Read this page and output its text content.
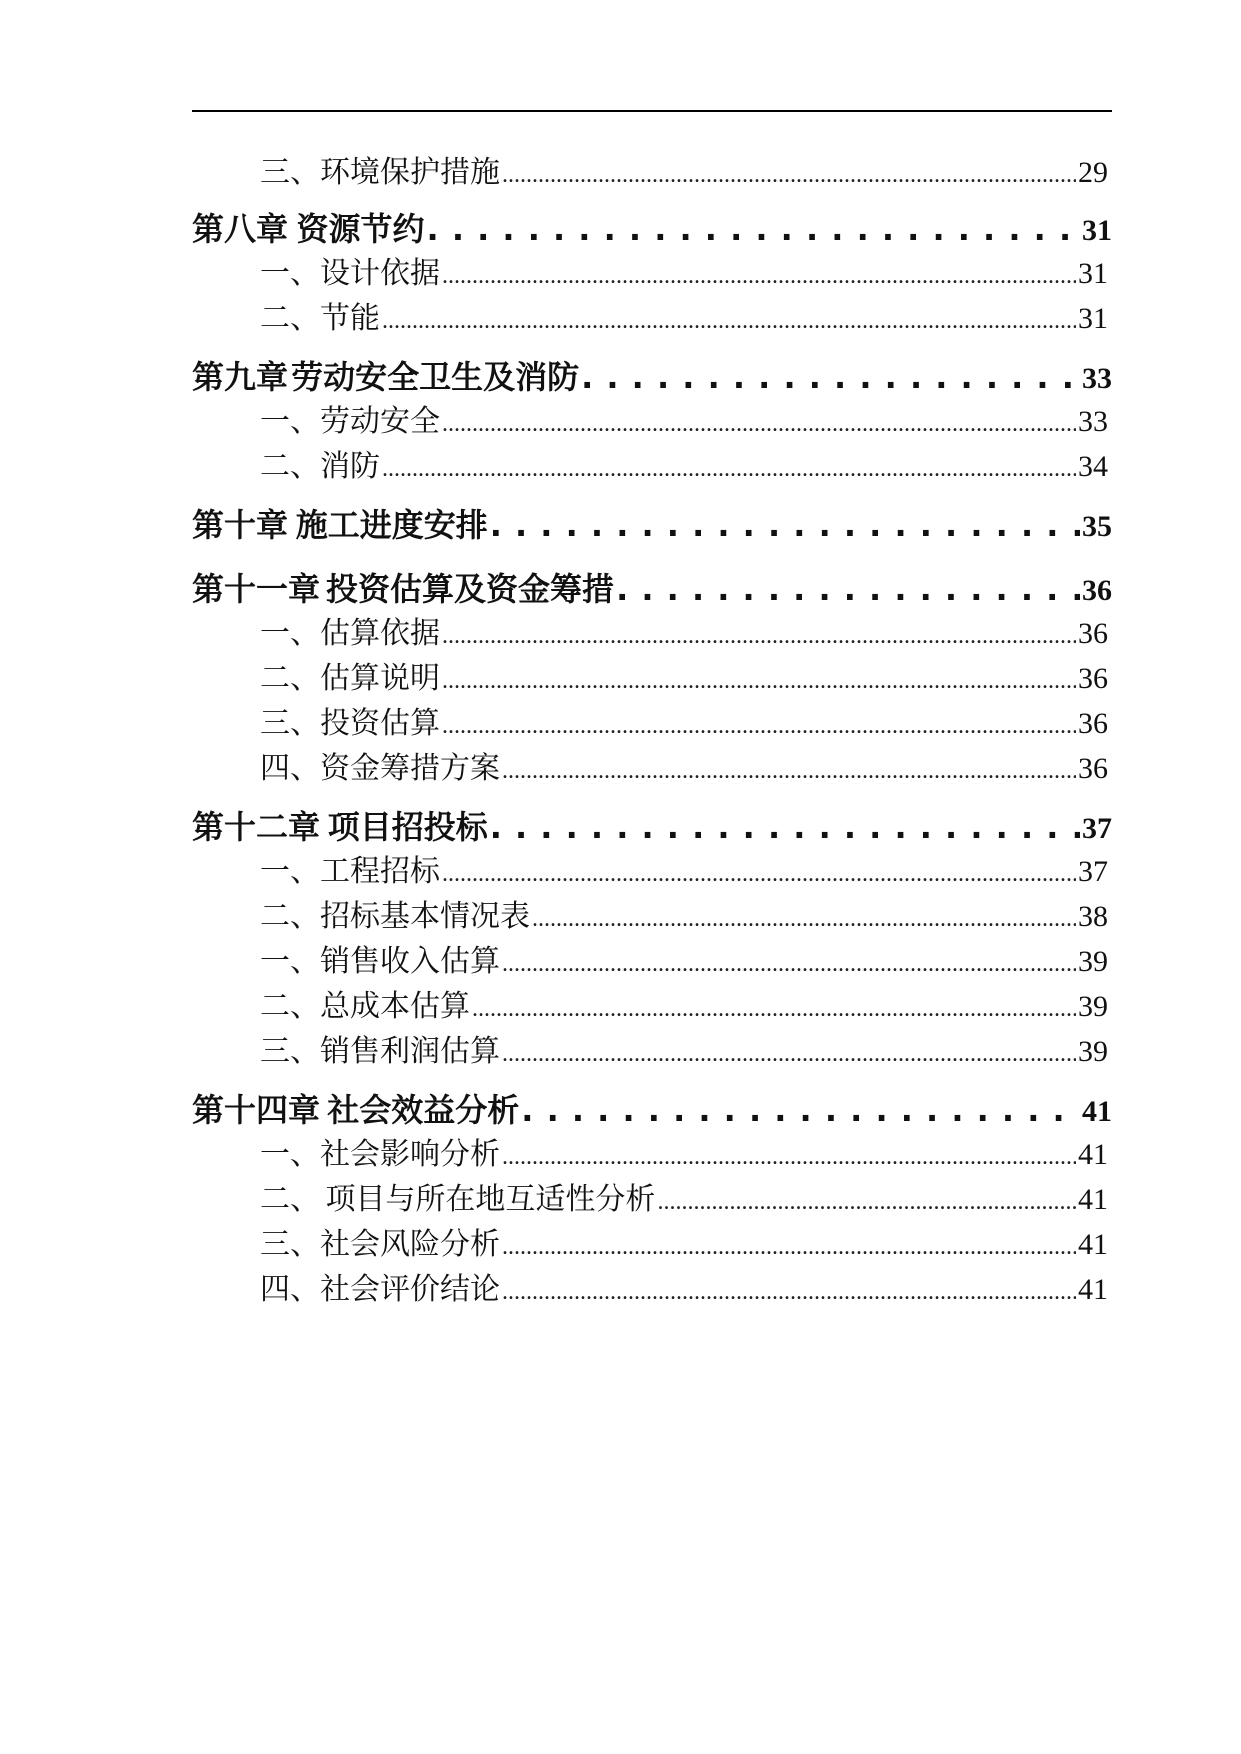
三、 环境保护措施 .....	29
第八章 资源节约 . . .	31
一、 设计依据 .....	31
二、 节能 .....	31
第九章 劳动安全卫生及消防 . . .	33
一、 劳动安全 .....	33
二、 消防 .....	34
第十章 施工进度安排 . . .	35
第十一章 投资估算及资金筹措 . . .	36
一、 估算依据 .....	36
二、 估算说明 .....	36
三、 投资估算 .....	36
四、 资金筹措方案 .....	36
第十二章 项目招投标 . . .	37
一、 工程招标 .....	37
二、 招标基本情况表 .....	38
一、 销售收入估算 .....	39
二、 总成本估算 .....	39
三、 销售利润估算 .....	39
第十四章 社会效益分析 . . .	41
一、 社会影响分析 .....	41
二、 项目与所在地互适性分析 .....	41
三、 社会风险分析 .....	41
四、 社会评价结论 .....	41
